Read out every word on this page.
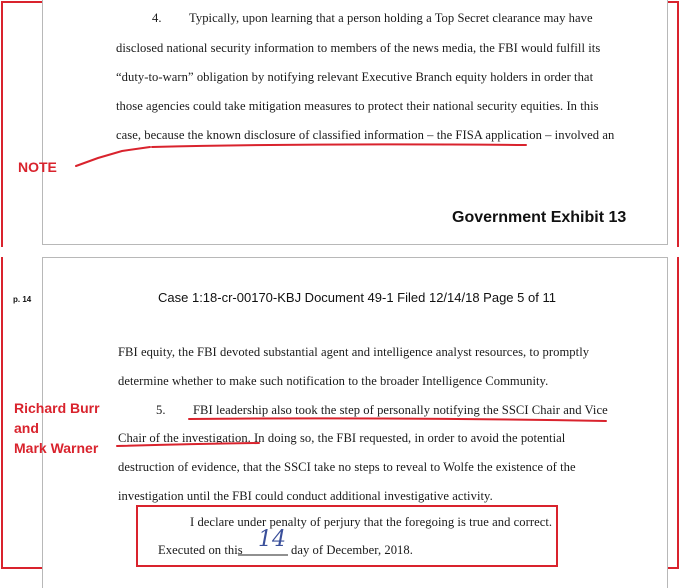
4. Typically, upon learning that a person holding a Top Secret clearance may have
disclosed national security information to members of the news media, the FBI would fulfill its
“duty-to-warn” obligation by notifying relevant Executive Branch equity holders in order that
those agencies could take mitigation measures to protect their national security equities. In this
case, because the known disclosure of classified information – the FISA application – involved an
Government Exhibit 13
p. 14	Case 1:18-cr-00170-KBJ Document 49-1 Filed 12/14/18 Page 5 of 11
FBI equity, the FBI devoted substantial agent and intelligence analyst resources, to promptly
determine whether to make such notification to the broader Intelligence Community.
5. FBI leadership also took the step of personally notifying the SSCI Chair and Vice
Chair of the investigation. In doing so, the FBI requested, in order to avoid the potential
destruction of evidence, that the SSCI take no steps to reveal to Wolfe the existence of the
investigation until the FBI could conduct additional investigative activity.
I declare under penalty of perjury that the foregoing is true and correct.
Executed on this 14 day of December, 2018.
NOTE
Richard Burr
and
Mark Warner
